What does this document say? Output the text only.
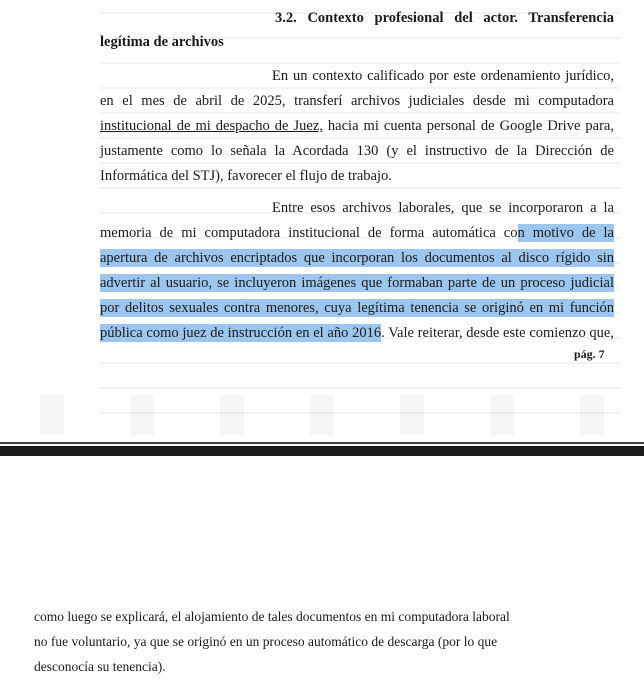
3.2. Contexto profesional del actor. Transferencia
legítima de archivos
En un contexto calificado por este ordenamiento jurídico,
en el mes de abril de 2025, transferí archivos judiciales desde mi computadora
institucional de mi despacho de Juez, hacia mi cuenta personal de Google Drive para,
justamente como lo señala la Acordada 130 (y el instructivo de la Dirección de
Informática del STJ), favorecer el flujo de trabajo.
Entre esos archivos laborales, que se incorporaron a la
memoria de mi computadora institucional de forma automática con motivo de la
apertura de archivos encriptados que incorporan los documentos al disco rígido sin
advertir al usuario, se incluyeron imágenes que formaban parte de un proceso judicial
por delitos sexuales contra menores, cuya legítima tenencia se originó en mi función
pública como juez de instrucción en el año 2016. Vale reiterar, desde este comienzo que,
pág. 7
como luego se explicará, el alojamiento de tales documentos en mi computadora laboral
no fue voluntario, ya que se originó en un proceso automático de descarga (por lo que
desconocía su tenencia).
